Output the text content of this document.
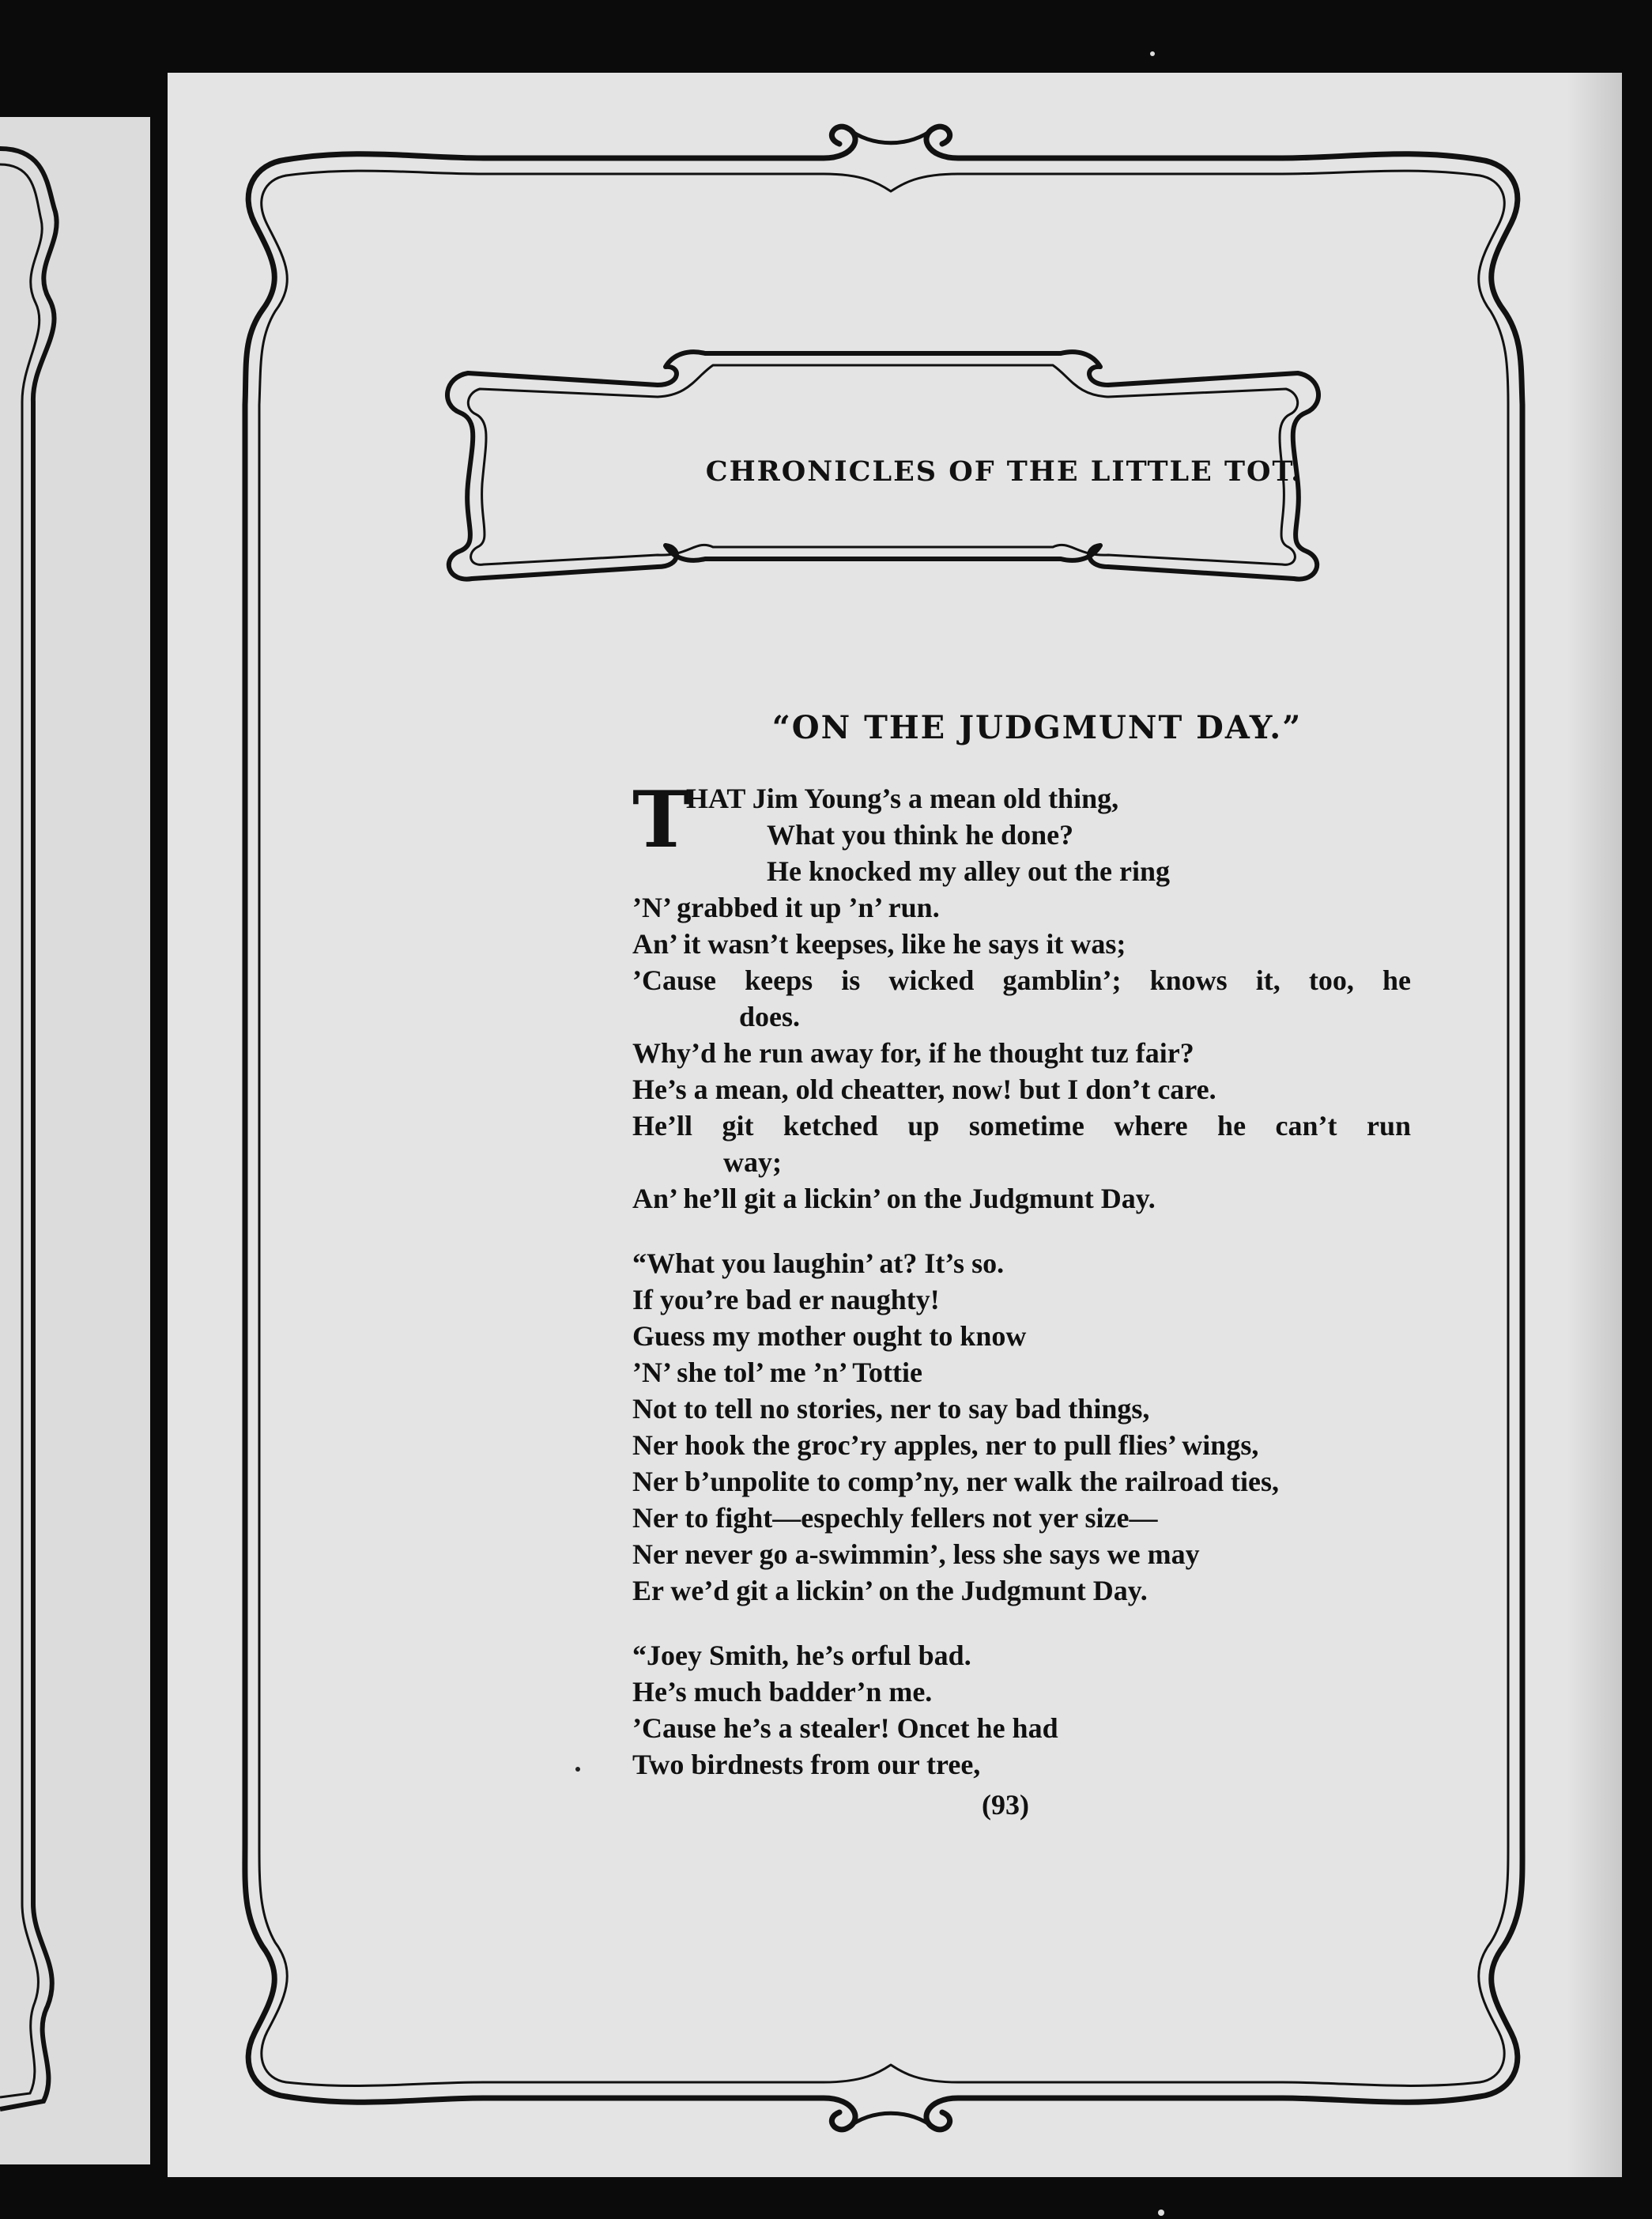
CHRONICLES OF THE LITTLE TOT.
“ON THE JUDGMUNT DAY.”
T
HAT Jim Young’s a mean old thing,
What you think he done?
He knocked my alley out the ring
’N’ grabbed it up ’n’ run.
An’ it wasn’t keepses, like he says it was;
’Cause keeps is wicked gamblin’; knows it, too, he
does.
Why’d he run away for, if he thought tuz fair?
He’s a mean, old cheatter, now! but I don’t care.
He’ll git ketched up sometime where he can’t run
way;
An’ he’ll git a lickin’ on the Judgmunt Day.
“What you laughin’ at? It’s so.
If you’re bad er naughty!
Guess my mother ought to know
’N’ she tol’ me ’n’ Tottie
Not to tell no stories, ner to say bad things,
Ner hook the groc’ry apples, ner to pull flies’ wings,
Ner b’unpolite to comp’ny, ner walk the railroad ties,
Ner to fight—espechly fellers not yer size—
Ner never go a-swimmin’, less she says we may
Er we’d git a lickin’ on the Judgmunt Day.
“Joey Smith, he’s orful bad.
He’s much badder’n me.
’Cause he’s a stealer! Oncet he had
Two birdnests from our tree,
(93)
